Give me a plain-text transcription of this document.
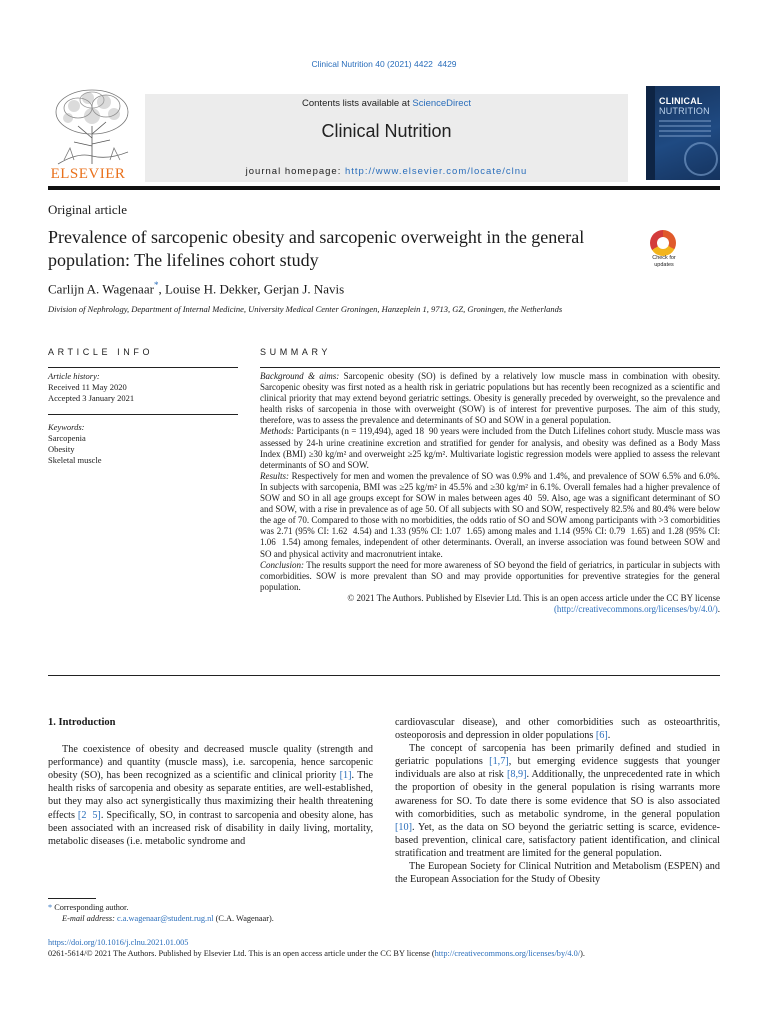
Clinical Nutrition 40 (2021) 4422  4429
ELSEVIER
Contents lists available at ScienceDirect
Clinical Nutrition
journal homepage: http://www.elsevier.com/locate/clnu
CLINICAL
NUTRITION
Original article
Prevalence of sarcopenic obesity and sarcopenic overweight in the general population: The lifelines cohort study	Check for updates
Carlijn A. Wagenaar*, Louise H. Dekker, Gerjan J. Navis
Division of Nephrology, Department of Internal Medicine, University Medical Center Groningen, Hanzeplein 1, 9713, GZ, Groningen, the Netherlands
ARTICLE INFO	SUMMARY
Article history:
Received 11 May 2020
Accepted 3 January 2021
Keywords:
Sarcopenia
Obesity
Skeletal muscle

Background & aims: Sarcopenic obesity (SO) is defined by a relatively low muscle mass in combination with obesity. Sarcopenic obesity was first noted as a health risk in geriatric populations but has recently been recognized as a scientific and clinical priority that may extend beyond geriatric settings. Obesity is generally preceded by overweight, so the prevalence and health risks of sarcopenia in those with overweight (SOW) is of interest for preventive purposes. The aim of this study, therefore, was to assess the prevalence and determinants of SO and SOW in a general population.

Methods: Participants (n = 119,494), aged 18  90 years were included from the Dutch Lifelines cohort study. Muscle mass was assessed by 24-h urine creatinine excretion and stratified for gender for analysis, and obesity was defined as a Body Mass Index (BMI) ≥30 kg/m² and overweight ≥25 kg/m². Multivariate logistic regression models were applied to assess the relevant determinants of SO and SOW.

Results: Respectively for men and women the prevalence of SO was 0.9% and 1.4%, and prevalence of SOW 6.5% and 6.0%. In subjects with sarcopenia, BMI was ≥25 kg/m² in 45.5% and ≥30 kg/m² in 6.1%. Overall females had a higher prevalence of SOW and SO in all age groups except for SOW in males between ages 40  59. Also, age was a significant determinant of SO and SOW, with a rise in prevalence as of age 50. Of all subjects with SO and SOW, respectively 82.5% and 80.4% were below the age of 70. Compared to those with no morbidities, the odds ratio of SO and SOW among participants with >3 comorbidities was 2.71 (95% CI: 1.62  4.54) and 1.33 (95% CI: 1.07  1.65) among males and 1.14 (95% CI: 0.79  1.65) and 1.28 (95% CI: 1.06  1.54) among females, independent of other determinants. Overall, an inverse association was found between SOW and SO and physical activity and macronutrient intake.

Conclusion: The results support the need for more awareness of SO beyond the field of geriatrics, in particular in subjects with comorbidities. SOW is more prevalent than SO and may provide opportunities for preventive strategies for the general population.

© 2021 The Authors. Published by Elsevier Ltd. This is an open access article under the CC BY license
(http://creativecommons.org/licenses/by/4.0/).

1. Introduction

The coexistence of obesity and decreased muscle quality (strength and performance) and quantity (muscle mass), i.e. sarcopenia, hence sarcopenic obesity (SO), has been recognized as a scientific and clinical priority [1]. The health risks of sarcopenia and obesity as separate entities, are well-established, but they may also act synergistically thus maximizing their health threatening effects [2  5]. Specifically, SO, in contrast to sarcopenia and obesity alone, has been associated with an increased risk of disability in daily living, mortality, metabolic diseases (i.e. metabolic syndrome and

cardiovascular disease), and other comorbidities such as osteoarthritis, osteoporosis and depression in older populations [6].

The concept of sarcopenia has been primarily defined and studied in geriatric populations [1,7], but emerging evidence suggests that younger individuals are also at risk [8,9]. Additionally, the unprecedented rate in which the proportion of obesity in the general population is rising warrants more awareness for SO. To date there is some evidence that SO is also associated with comorbidities, such as metabolic syndrome, in the general population [10]. Yet, as the data on SO beyond the geriatric setting is scarce, evidence-based prevention, clinical care, satisfactory patient identification, and clinical stratification and treatment are limited for the general population.

The European Society for Clinical Nutrition and Metabolism (ESPEN) and the European Association for the Study of Obesity

* Corresponding author.
E-mail address: c.a.wagenaar@student.rug.nl (C.A. Wagenaar).
https://doi.org/10.1016/j.clnu.2021.01.005
0261-5614/© 2021 The Authors. Published by Elsevier Ltd. This is an open access article under the CC BY license (http://creativecommons.org/licenses/by/4.0/).
